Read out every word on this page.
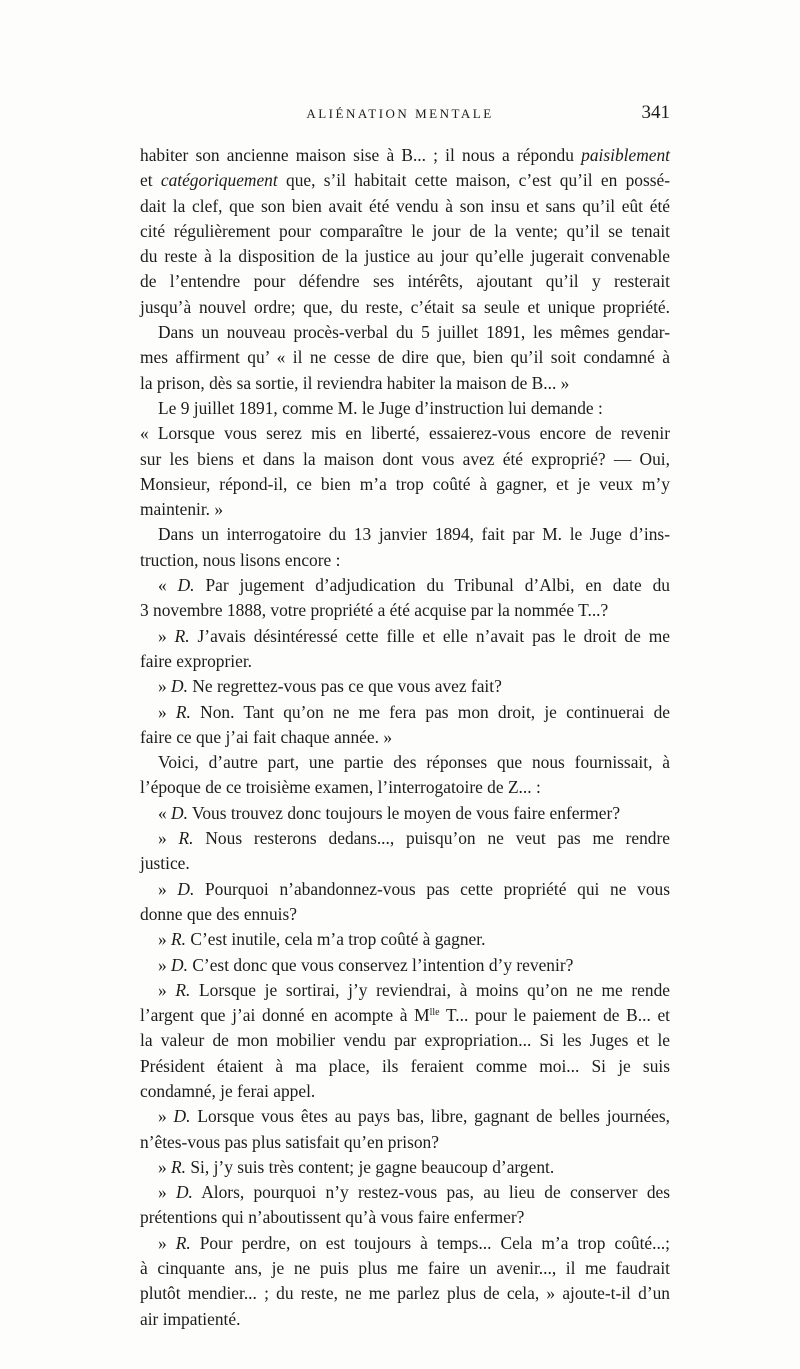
ALIÉNATION MENTALE	341
habiter son ancienne maison sise à B... ; il nous a répondu paisiblement
et catégoriquement que, s’il habitait cette maison, c’est qu’il en possé-
dait la clef, que son bien avait été vendu à son insu et sans qu’il eût été
cité régulièrement pour comparaître le jour de la vente; qu’il se tenait
du reste à la disposition de la justice au jour qu’elle jugerait convenable
de l’entendre pour défendre ses intérêts, ajoutant qu’il y resterait
jusqu’à nouvel ordre; que, du reste, c’était sa seule et unique propriété.
Dans un nouveau procès-verbal du 5 juillet 1891, les mêmes gendar-
mes affirment qu’ « il ne cesse de dire que, bien qu’il soit condamné à
la prison, dès sa sortie, il reviendra habiter la maison de B... »
Le 9 juillet 1891, comme M. le Juge d’instruction lui demande :
« Lorsque vous serez mis en liberté, essaierez-vous encore de revenir
sur les biens et dans la maison dont vous avez été exproprié? — Oui,
Monsieur, répond-il, ce bien m’a trop coûté à gagner, et je veux m’y
maintenir. »
Dans un interrogatoire du 13 janvier 1894, fait par M. le Juge d’ins-
truction, nous lisons encore :
« D. Par jugement d’adjudication du Tribunal d’Albi, en date du
3 novembre 1888, votre propriété a été acquise par la nommée T...?
» R. J’avais désintéressé cette fille et elle n’avait pas le droit de me
faire exproprier.
» D. Ne regrettez-vous pas ce que vous avez fait?
» R. Non. Tant qu’on ne me fera pas mon droit, je continuerai de
faire ce que j’ai fait chaque année. »
Voici, d’autre part, une partie des réponses que nous fournissait, à
l’époque de ce troisième examen, l’interrogatoire de Z... :
« D. Vous trouvez donc toujours le moyen de vous faire enfermer?
» R. Nous resterons dedans..., puisqu’on ne veut pas me rendre
justice.
» D. Pourquoi n’abandonnez-vous pas cette propriété qui ne vous
donne que des ennuis?
» R. C’est inutile, cela m’a trop coûté à gagner.
» D. C’est donc que vous conservez l’intention d’y revenir?
» R. Lorsque je sortirai, j’y reviendrai, à moins qu’on ne me rende
l’argent que j’ai donné en acompte à $M^{lle}$ T... pour le paiement de B... et
la valeur de mon mobilier vendu par expropriation... Si les Juges et le
Président étaient à ma place, ils feraient comme moi... Si je suis
condamné, je ferai appel.
» D. Lorsque vous êtes au pays bas, libre, gagnant de belles journées,
n’êtes-vous pas plus satisfait qu’en prison?
» R. Si, j’y suis très content; je gagne beaucoup d’argent.
» D. Alors, pourquoi n’y restez-vous pas, au lieu de conserver des
prétentions qui n’aboutissent qu’à vous faire enfermer?
» R. Pour perdre, on est toujours à temps... Cela m’a trop coûté...;
à cinquante ans, je ne puis plus me faire un avenir..., il me faudrait
plutôt mendier... ; du reste, ne me parlez plus de cela, » ajoute-t-il d’un
air impatienté.
